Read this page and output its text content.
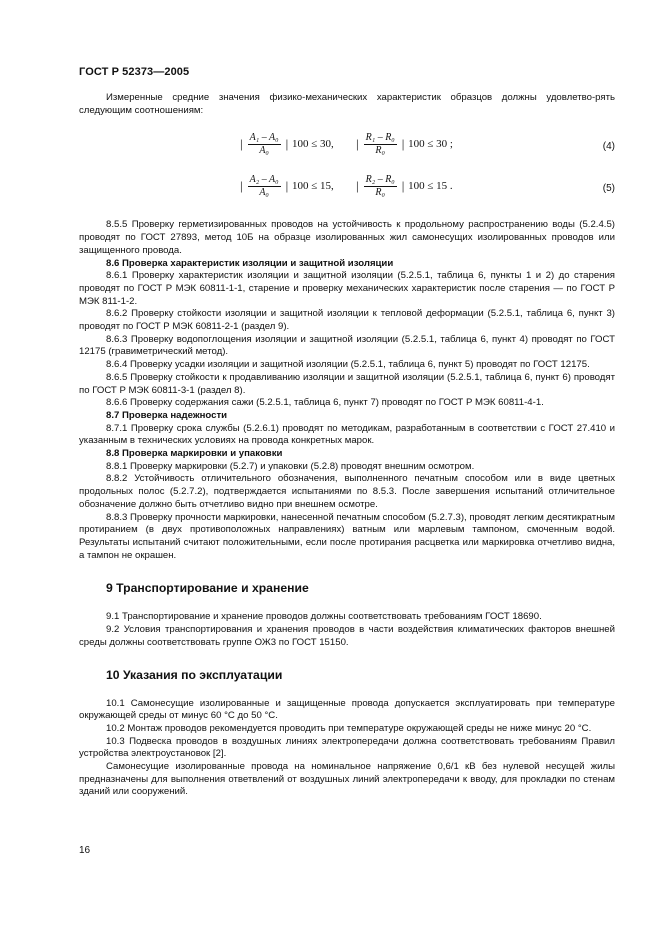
ГОСТ Р 52373—2005

Измеренные средние значения физико-механических характеристик образцов должны удовлетво-рять следующим соотношениям:

| $\frac{\text{A₁ – A₀}}{\text{A₀}}$ |
100 ≤ 30, | $\frac{\text{R₁ – R₀}}{\text{R₀}}$ |
100 ≤ 30 ;	(4)
| $\frac{\text{A₂ – A₀}}{\text{A₀}}$ |
100 ≤ 15, | $\frac{\text{R₂ – R₀}}{\text{R₀}}$ |
100 ≤ 15 .	(5)

8.5.5 Проверку герметизированных проводов на устойчивость к продольному распространению воды (5.2.4.5) проводят по ГОСТ 27893, метод 10Б на образце изолированных жил самонесущих изолированных проводов или защищенного провода.

8.6 Проверка характеристик изоляции и защитной изоляции

8.6.1 Проверку характеристик изоляции и защитной изоляции (5.2.5.1, таблица 6, пункты 1 и 2) до старения проводят по ГОСТ Р МЭК 60811-1-1, старение и проверку механических характеристик после старения — по ГОСТ Р МЭК 811-1-2.

8.6.2 Проверку стойкости изоляции и защитной изоляции к тепловой деформации (5.2.5.1, таблица 6, пункт 3) проводят по ГОСТ Р МЭК 60811-2-1 (раздел 9).

8.6.3 Проверку водопоглощения изоляции и защитной изоляции (5.2.5.1, таблица 6, пункт 4) проводят по ГОСТ 12175 (гравиметрический метод).

8.6.4 Проверку усадки изоляции и защитной изоляции (5.2.5.1, таблица 6, пункт 5) проводят по ГОСТ 12175.

8.6.5 Проверку стойкости к продавливанию изоляции и защитной изоляции (5.2.5.1, таблица 6, пункт 6) проводят по ГОСТ Р МЭК 60811-3-1 (раздел 8).

8.6.6 Проверку содержания сажи (5.2.5.1, таблица 6, пункт 7) проводят по ГОСТ Р МЭК 60811-4-1.

8.7 Проверка надежности

8.7.1 Проверку срока службы (5.2.6.1) проводят по методикам, разработанным в соответствии с ГОСТ 27.410 и указанным в технических условиях на провода конкретных марок.

8.8 Проверка маркировки и упаковки

8.8.1 Проверку маркировки (5.2.7) и упаковки (5.2.8) проводят внешним осмотром.

8.8.2 Устойчивость отличительного обозначения, выполненного печатным способом или в виде цветных продольных полос (5.2.7.2), подтверждается испытаниями по 8.5.3. После завершения испытаний отличительное обозначение должно быть отчетливо видно при внешнем осмотре.

8.8.3 Проверку прочности маркировки, нанесенной печатным способом (5.2.7.3), проводят легким десятикратным протиранием (в двух противоположных направлениях) ватным или марлевым тампоном, смоченным водой. Результаты испытаний считают положительными, если после протирания расцветка или маркировка отчетливо видна, а тампон не окрашен.

9 Транспортирование и хранение

9.1 Транспортирование и хранение проводов должны соответствовать требованиям ГОСТ 18690.

9.2 Условия транспортирования и хранения проводов в части воздействия климатических факторов внешней среды должны соответствовать группе ОЖ3 по ГОСТ 15150.

10 Указания по эксплуатации

10.1 Самонесущие изолированные и защищенные провода допускается эксплуатировать при температуре окружающей среды от минус 60 °С до 50 °С.

10.2 Монтаж проводов рекомендуется проводить при температуре окружающей среды не ниже минус 20 °С.

10.3 Подвеска проводов в воздушных линиях электропередачи должна соответствовать требованиям Правил устройства электроустановок [2].

Самонесущие изолированные провода на номинальное напряжение 0,6/1 кВ без нулевой несущей жилы предназначены для выполнения ответвлений от воздушных линий электропередачи к вводу, для прокладки по стенам зданий или сооружений.

16
